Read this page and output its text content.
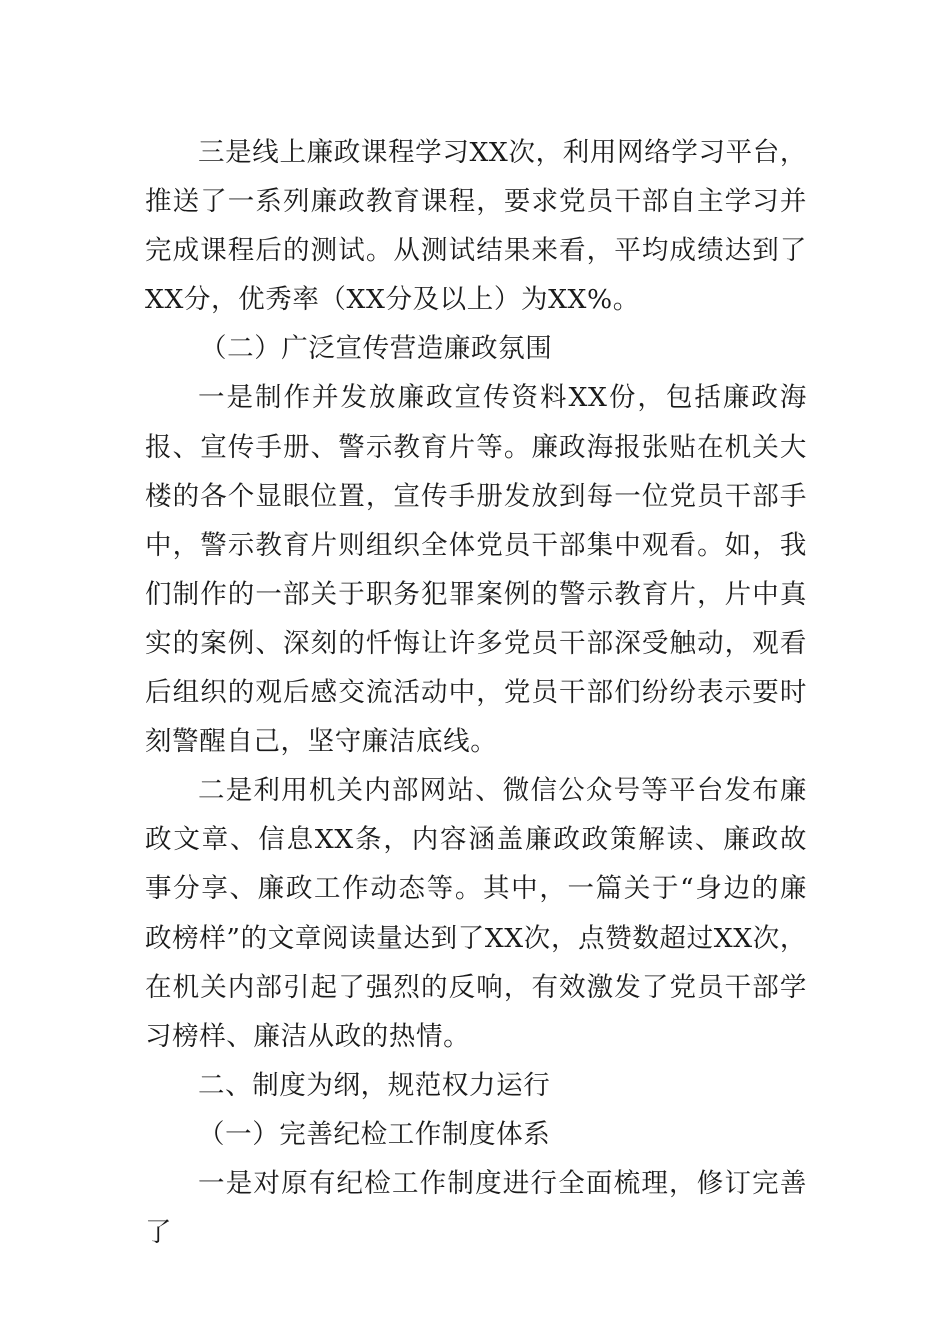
三是线上廉政课程学习XX次，利用网络学习平台，推送了一系列廉政教育课程，要求党员干部自主学习并完成课程后的测试。从测试结果来看，平均成绩达到了XX分，优秀率（XX分及以上）为XX%。

（二）广泛宣传营造廉政氛围

一是制作并发放廉政宣传资料XX份，包括廉政海报、宣传手册、警示教育片等。廉政海报张贴在机关大楼的各个显眼位置，宣传手册发放到每一位党员干部手中，警示教育片则组织全体党员干部集中观看。如，我们制作的一部关于职务犯罪案例的警示教育片，片中真实的案例、深刻的忏悔让许多党员干部深受触动，观看后组织的观后感交流活动中，党员干部们纷纷表示要时刻警醒自己，坚守廉洁底线。

二是利用机关内部网站、微信公众号等平台发布廉政文章、信息XX条，内容涵盖廉政政策解读、廉政故事分享、廉政工作动态等。其中，一篇关于“身边的廉政榜样”的文章阅读量达到了XX次，点赞数超过XX次，在机关内部引起了强烈的反响，有效激发了党员干部学习榜样、廉洁从政的热情。

二、制度为纲，规范权力运行

（一）完善纪检工作制度体系

一是对原有纪检工作制度进行全面梳理，修订完善了
